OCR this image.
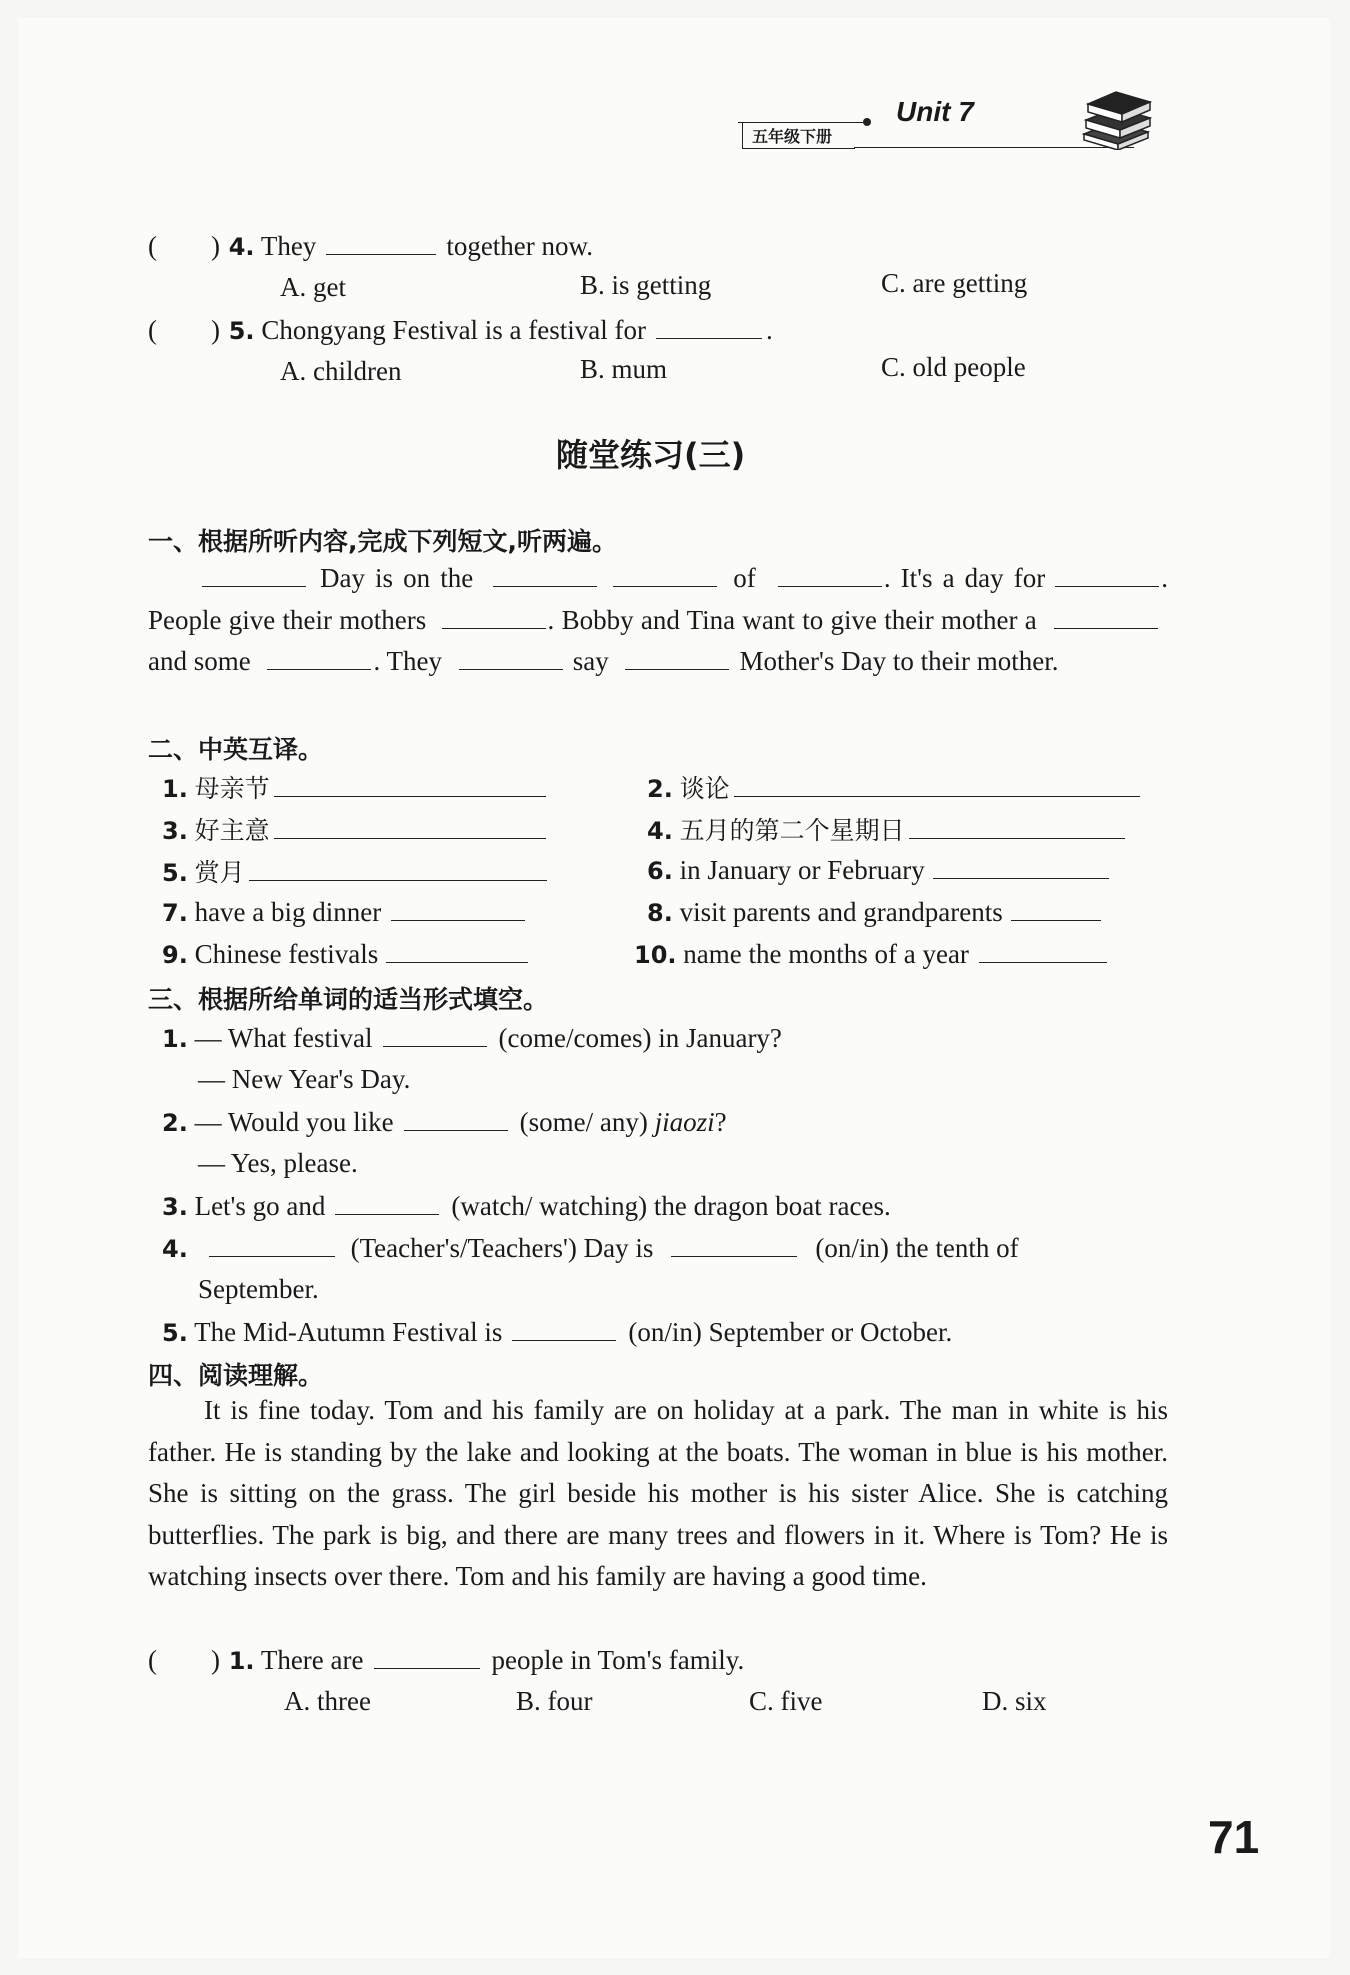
五年级下册
Unit 7
(　　) 4. They	together now.
A. get	B. is getting	C. are getting
(　　) 5. Chongyang Festival is a festival for	.
A. children	B. mum	C. old people
随堂练习(三)
一、根据所听内容,完成下列短文,听两遍。

Day is on the	of	. It's a day for	. People give their mothers	. Bobby and Tina want to give their mother a and some	. They	say	Mother's Day to their mother.

二、中英互译。
1. 母亲节	2. 谈论
3. 好主意	4. 五月的第二个星期日
5. 赏月	6. in January or February
7. have a big dinner	8. visit parents and grandparents
9. Chinese festivals	10. name the months of a year
三、根据所给单词的适当形式填空。
1. — What festival	(come/comes) in January?
— New Year's Day.
2. — Would you like	(some/ any) jiaozi?
— Yes, please.
3. Let's go and	(watch/ watching) the dragon boat races.
4.	(Teacher's/Teachers') Day is	(on/in) the tenth of
September.
5. The Mid-Autumn Festival is	(on/in) September or October.
四、阅读理解。

It is fine today. Tom and his family are on holiday at a park. The man in white is his father. He is standing by the lake and looking at the boats. The woman in blue is his mother. She is sitting on the grass. The girl beside his mother is his sister Alice. She is catching butterflies. The park is big, and there are many trees and flowers in it. Where is Tom? He is watching insects over there. Tom and his family are having a good time.

(　　) 1. There are	people in Tom's family.
A. three	B. four	C. five	D. six
71
